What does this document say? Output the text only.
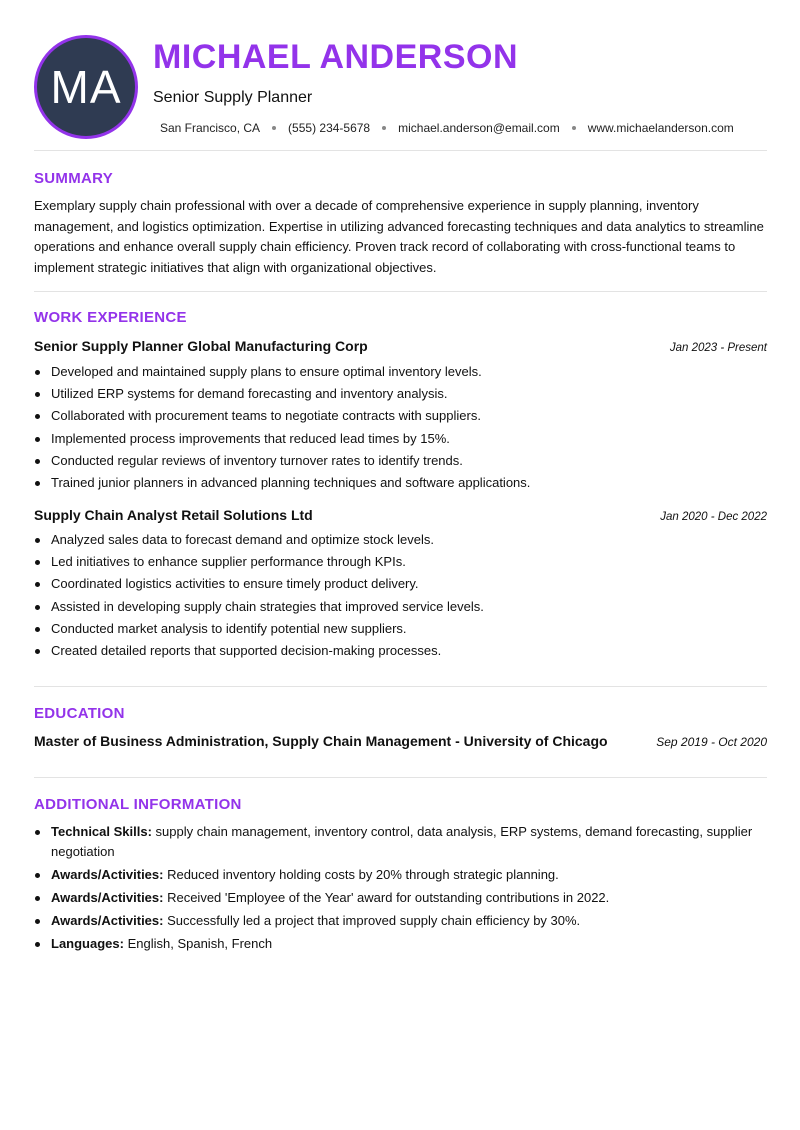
MA
MICHAEL ANDERSON
Senior Supply Planner
San Francisco, CA (555) 234-5678 michael.anderson@email.com www.michaelanderson.com
SUMMARY
Exemplary supply chain professional with over a decade of comprehensive experience in supply planning, inventory management, and logistics optimization. Expertise in utilizing advanced forecasting techniques and data analytics to streamline operations and enhance overall supply chain efficiency. Proven track record of collaborating with cross-functional teams to implement strategic initiatives that align with organizational objectives.
WORK EXPERIENCE
Senior Supply Planner Global Manufacturing Corp	Jan 2023 - Present
Developed and maintained supply plans to ensure optimal inventory levels.
Utilized ERP systems for demand forecasting and inventory analysis.
Collaborated with procurement teams to negotiate contracts with suppliers.
Implemented process improvements that reduced lead times by 15%.
Conducted regular reviews of inventory turnover rates to identify trends.
Trained junior planners in advanced planning techniques and software applications.
Supply Chain Analyst Retail Solutions Ltd	Jan 2020 - Dec 2022
Analyzed sales data to forecast demand and optimize stock levels.
Led initiatives to enhance supplier performance through KPIs.
Coordinated logistics activities to ensure timely product delivery.
Assisted in developing supply chain strategies that improved service levels.
Conducted market analysis to identify potential new suppliers.
Created detailed reports that supported decision-making processes.
EDUCATION
Master of Business Administration, Supply Chain Management - University of Chicago	Sep 2019 - Oct 2020
ADDITIONAL INFORMATION
Technical Skills: supply chain management, inventory control, data analysis, ERP systems, demand forecasting, supplier negotiation
Awards/Activities: Reduced inventory holding costs by 20% through strategic planning.
Awards/Activities: Received 'Employee of the Year' award for outstanding contributions in 2022.
Awards/Activities: Successfully led a project that improved supply chain efficiency by 30%.
Languages: English, Spanish, French
